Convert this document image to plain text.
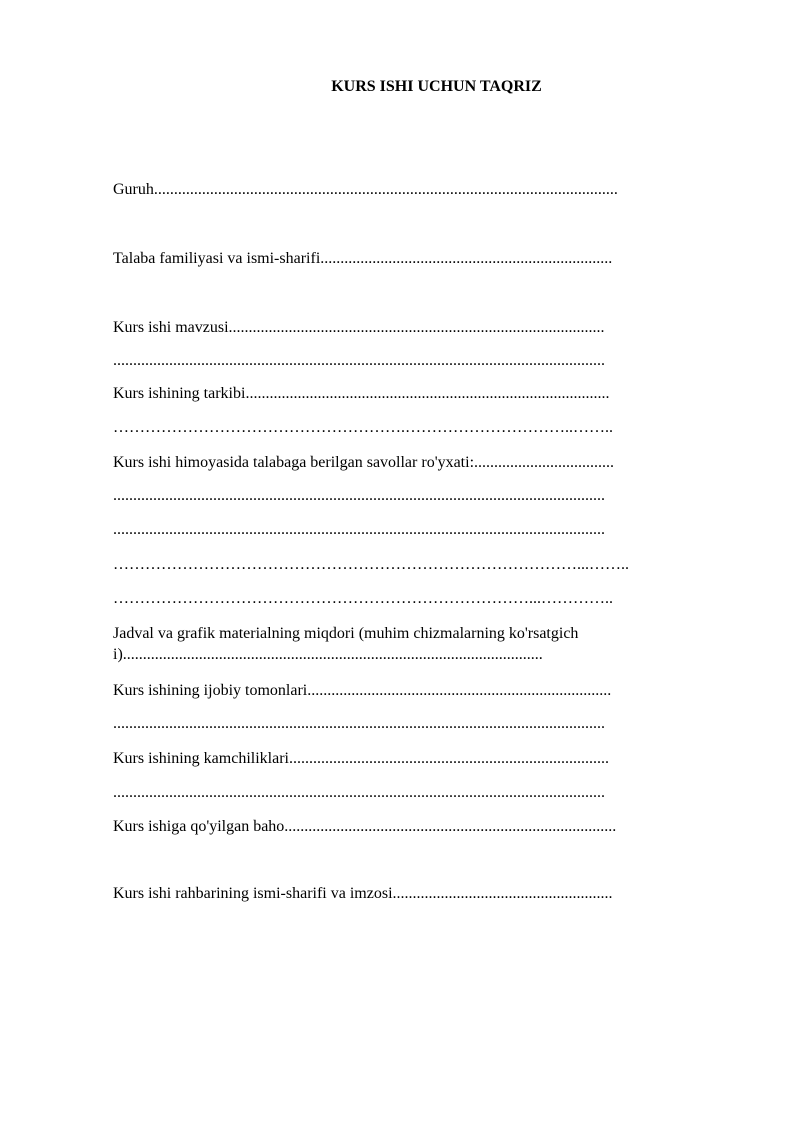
KURS ISHI UCHUN TAQRIZ
Guruh....................................................................................................................
Talaba familiyasi va ismi-sharifi.........................................................................
Kurs ishi mavzusi..............................................................................................
...........................................................................................................................
Kurs ishining tarkibi...........................................................................................
……………………………………………….…………………………..……..
Kurs ishi himoyasida talabaga berilgan savollar ro'yxati:...................................
...........................................................................................................................
...........................................................................................................................
……………………………………………………………………………...……..
……………………………………………………………………...…………..
Jadval va grafik materialning miqdori (muhim chizmalarning ko'rsatgichi).........................................................................................................
Kurs ishining ijobiy tomonlari............................................................................
...........................................................................................................................
Kurs ishining kamchiliklari................................................................................
...........................................................................................................................
Kurs ishiga qo'yilgan baho...................................................................................
Kurs ishi rahbarining ismi-sharifi va imzosi.......................................................
